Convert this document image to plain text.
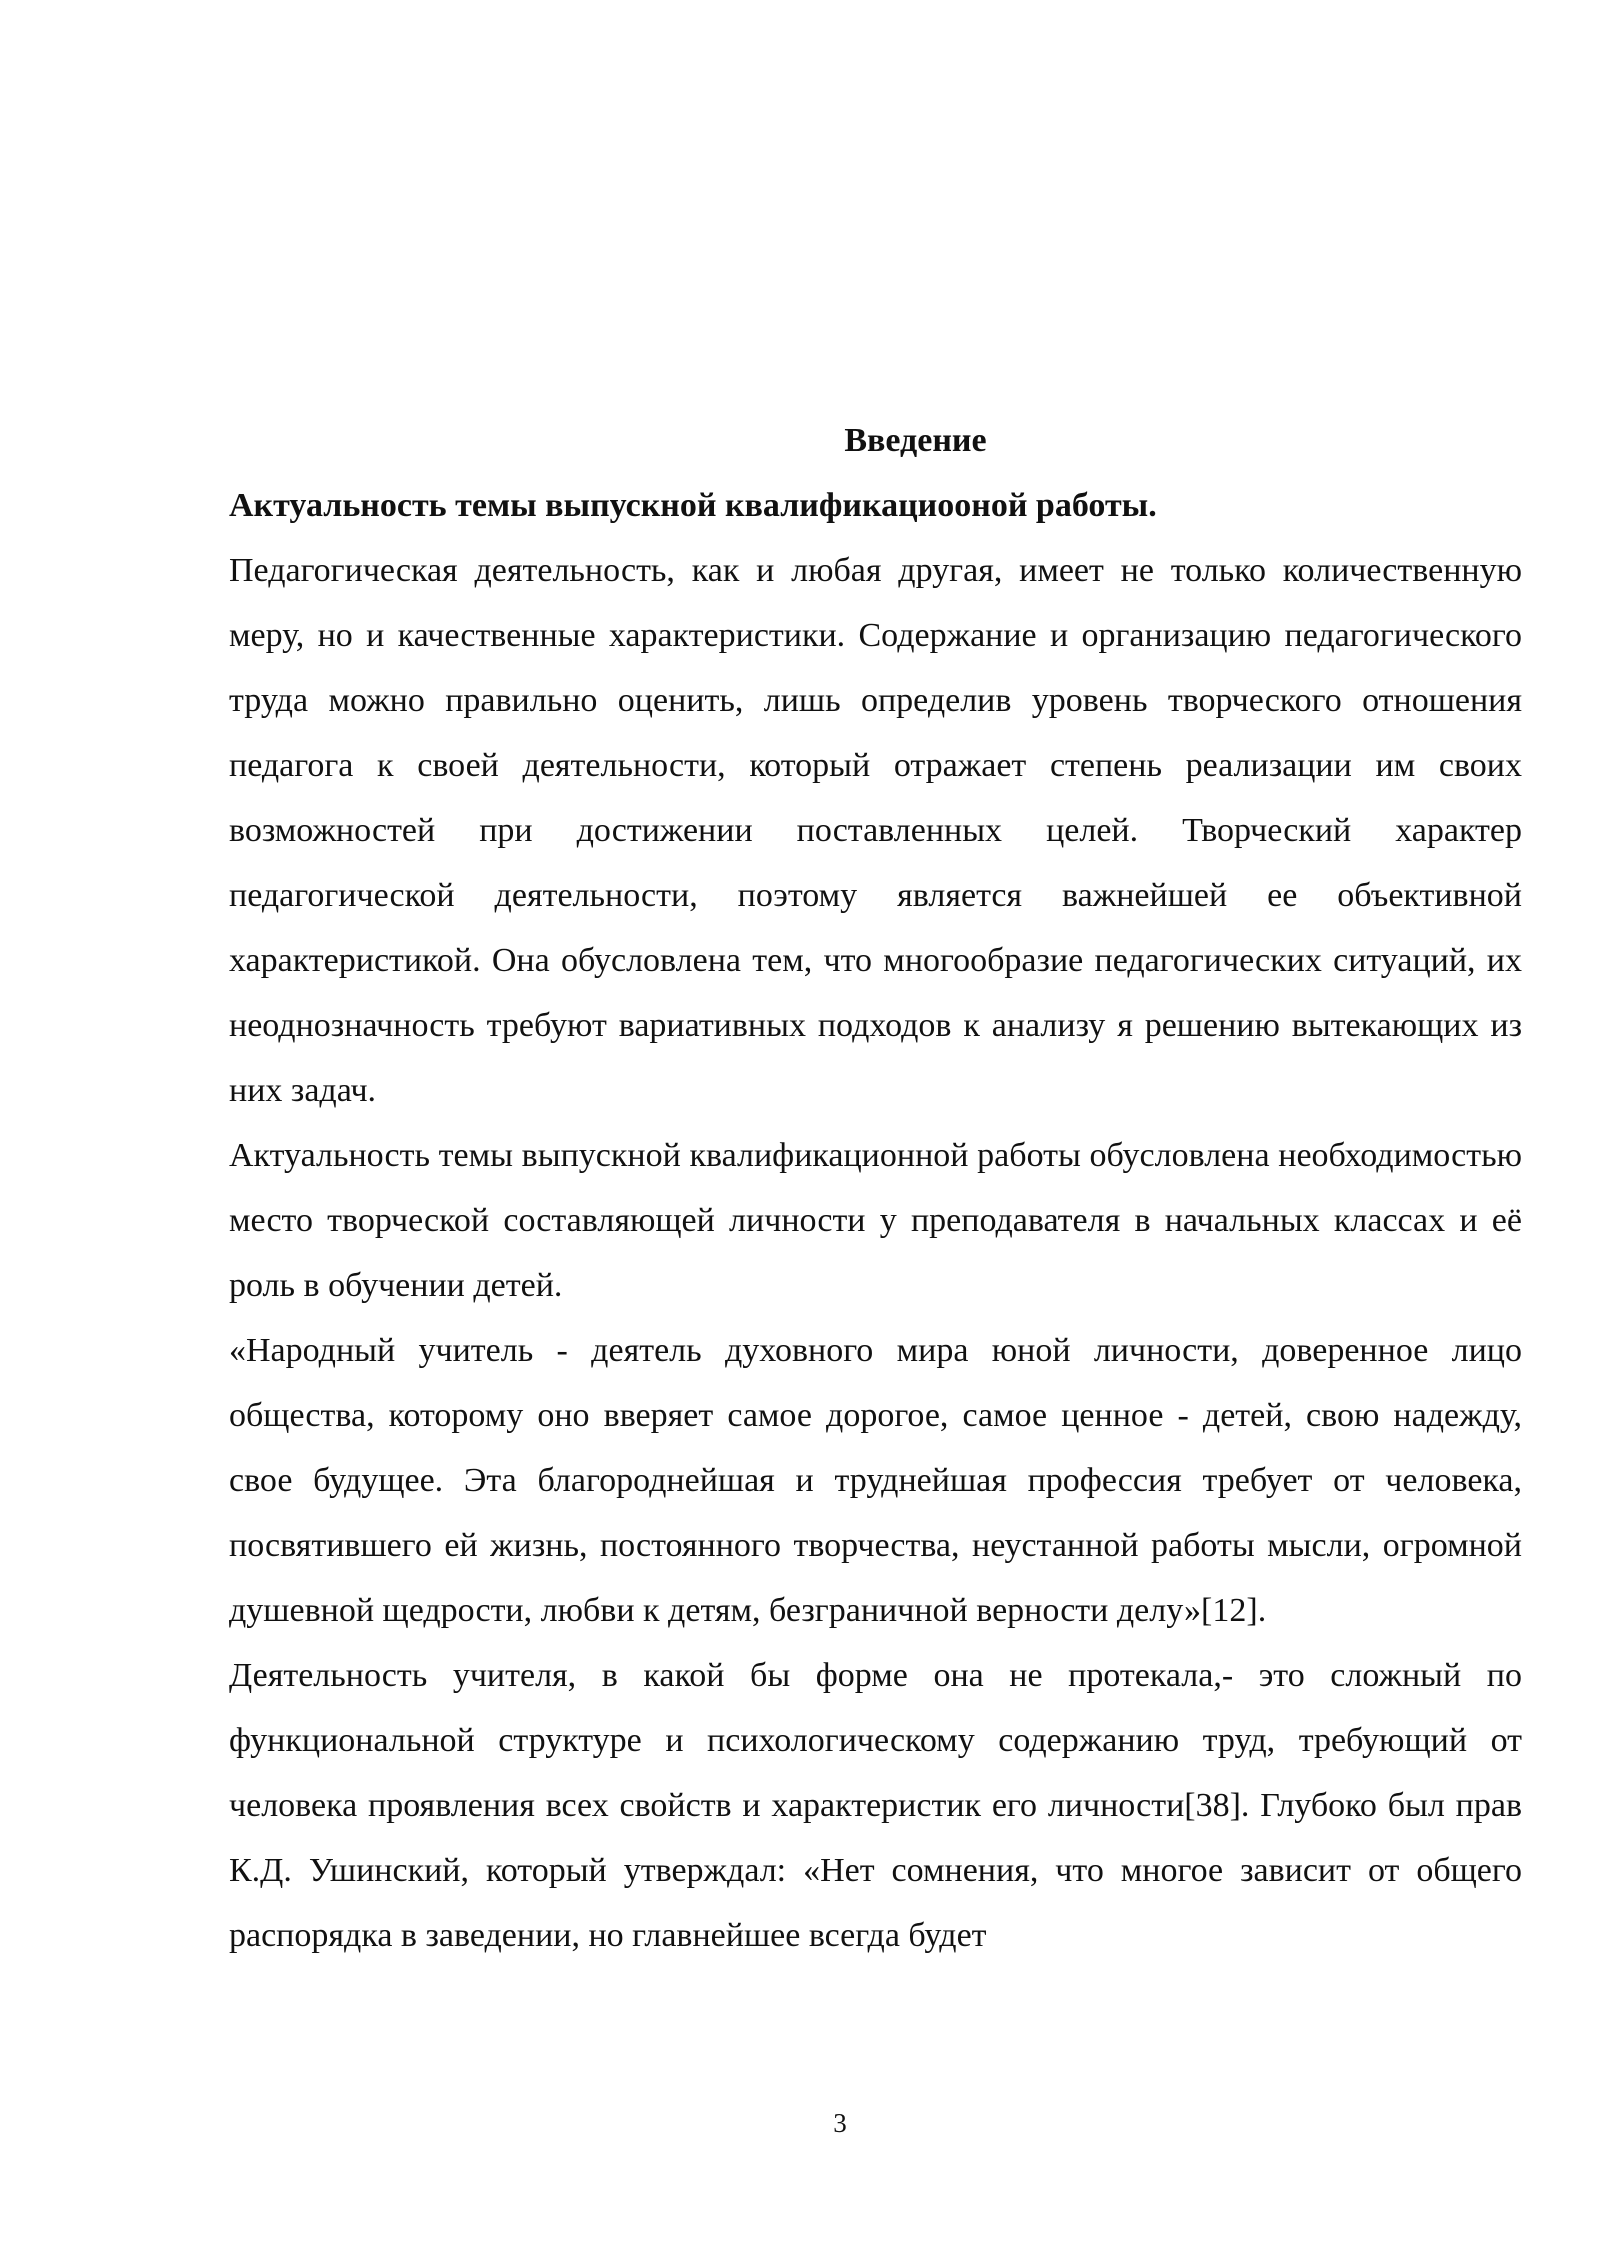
Введение

Актуальность темы выпускной квалификациооной работы.

Педагогическая деятельность, как и любая другая, имеет не только количественную меру, но и качественные характеристики. Содержание и организацию педагогического труда можно правильно оценить, лишь определив уровень творческого отношения педагога к своей деятельности, который отражает степень реализации им своих возможностей при достижении поставленных целей. Творческий характер педагогической деятельности, поэтому является важнейшей ее объективной характеристикой. Она обусловлена тем, что многообразие педагогических ситуаций, их неоднозначность требуют вариативных подходов к анализу я решению вытекающих из них задач.

Актуальность темы выпускной квалификационной работы обусловлена необходимостью место творческой составляющей личности у преподавателя в начальных классах и её роль в обучении детей.

«Народный учитель - деятель духовного мира юной личности, доверенное лицо общества, которому оно вверяет самое дорогое, самое ценное - детей, свою надежду, свое будущее. Эта благороднейшая и труднейшая профессия требует от человека, посвятившего ей жизнь, постоянного творчества, неустанной работы мысли, огромной душевной щедрости, любви к детям, безграничной верности делу»[12].

Деятельность учителя, в какой бы форме она не протекала,- это сложный по функциональной структуре и психологическому содержанию труд, требующий от человека проявления всех свойств и характеристик его личности[38]. Глубоко был прав К.Д. Ушинский, который утверждал: «Нет сомнения, что многое зависит от общего распорядка в заведении, но главнейшее всегда будет

3
